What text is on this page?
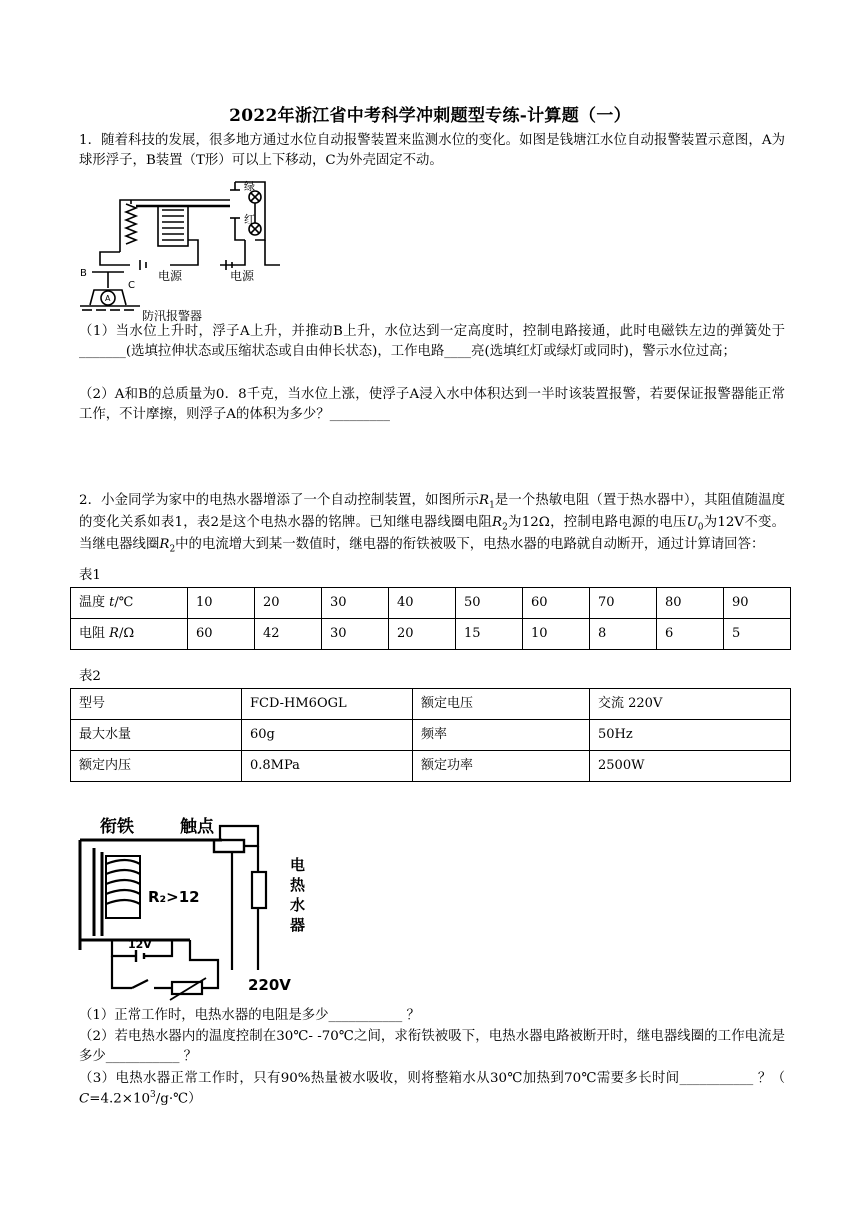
2022年浙江省中考科学冲刺题型专练-计算题（一）
1．随着科技的发展，很多地方通过水位自动报警装置来监测水位的变化。如图是钱塘江水位自动报警装置示意图，A为球形浮子，B装置（T形）可以上下移动，C为外壳固定不动。
绿
红
电源	电源
B
A
C
防汛报警器
（1）当水位上升时，浮子A上升，并推动B上升，水位达到一定高度时，控制电路接通，此时电磁铁左边的弹簧处于_______(选填拉伸状态或压缩状态或自由伸长状态)，工作电路____亮(选填红灯或绿灯或同时)，警示水位过高；
（2）A和B的总质量为0．8千克，当水位上涨，使浮子A浸入水中体积达到一半时该装置报警，若要保证报警器能正常工作，不计摩擦，则浮子A的体积为多少？_________
2．小金同学为家中的电热水器增添了一个自动控制装置，如图所示$R_1$是一个热敏电阻（置于热水器中），其阻值随温度的变化关系如表1，表2是这个电热水器的铭牌。已知继电器线圈电阻$R_2$为12Ω，控制电路电源的电压$U_0$为12V不变。当继电器线圈$R_2$中的电流增大到某一数值时，继电器的衔铁被吸下，电热水器的电路就自动断开，通过计算请回答：
表1
温度 t/℃	10	20	30	40	50	60	70	80	90
电阻 R/Ω	60	42	30	20	15	10	8	6	5
表2
型号	FCD-HM6OGL	额定电压	交流 220V
最大水量	60g	频率	50Hz
额定内压	0.8MPa	额定功率	2500W
衔铁	触点
R₂>12
12V
电
热
水
器
220V
（1）正常工作时，电热水器的电阻是多少___________ ？
（2）若电热水器内的温度控制在30℃- -70℃之间，求衔铁被吸下，电热水器电路被断开时，继电器线圈的工作电流是多少___________ ？
（3）电热水器正常工作时，只有90%热量被水吸收，则将整箱水从30℃加热到70℃需要多长时间___________ ？（ $C=4.2\times 10^3/g\cdot℃$）
